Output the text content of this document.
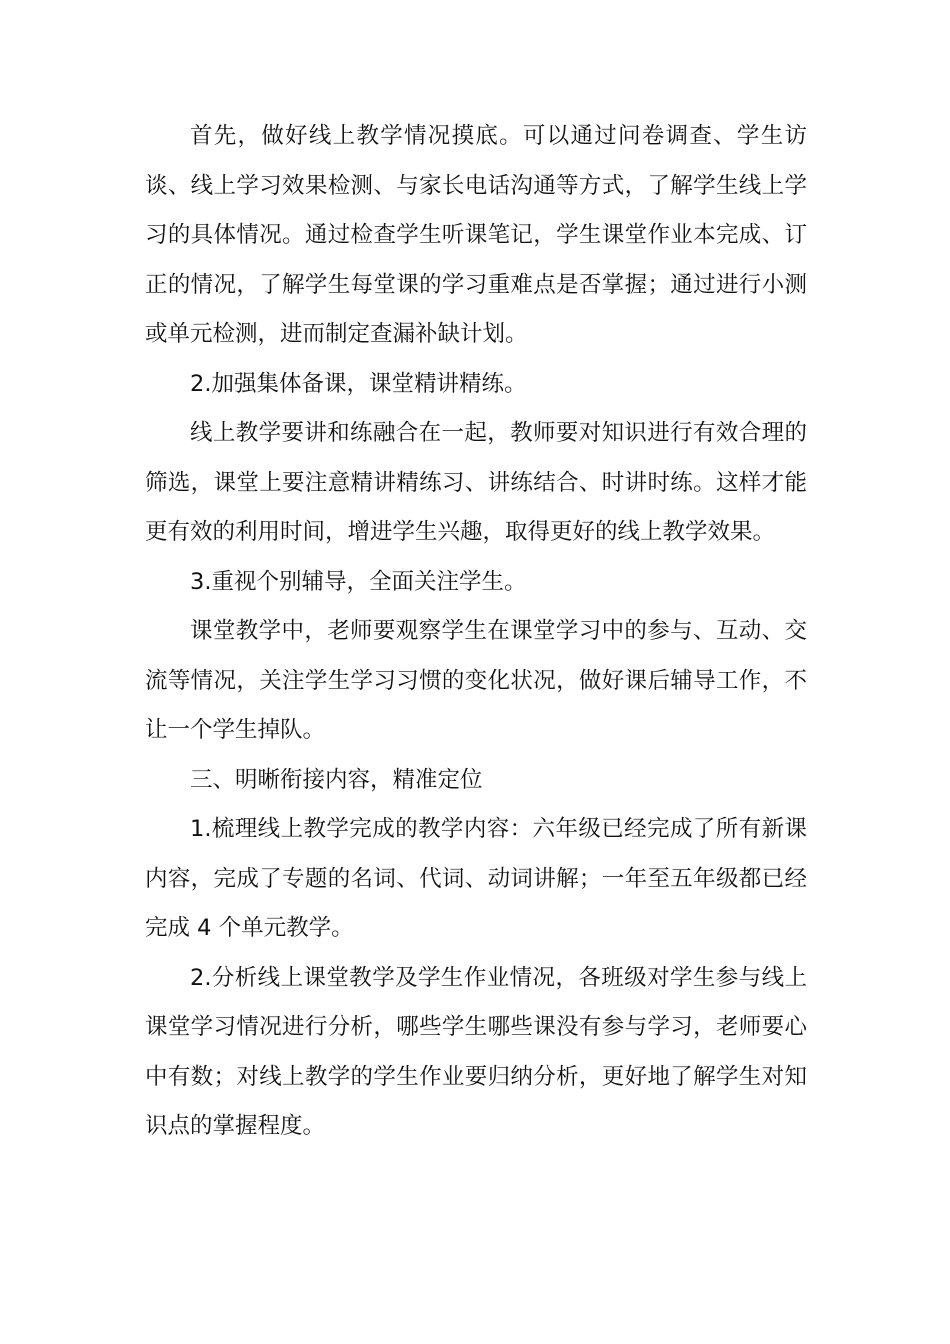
首先，做好线上教学情况摸底。可以通过问卷调查、学生访谈、线上学习效果检测、与家长电话沟通等方式，了解学生线上学习的具体情况。通过检查学生听课笔记，学生课堂作业本完成、订正的情况，了解学生每堂课的学习重难点是否掌握；通过进行小测或单元检测，进而制定查漏补缺计划。

2.加强集体备课，课堂精讲精练。

线上教学要讲和练融合在一起，教师要对知识进行有效合理的筛选，课堂上要注意精讲精练习、讲练结合、时讲时练。这样才能更有效的利用时间，增进学生兴趣，取得更好的线上教学效果。

3.重视个别辅导，全面关注学生。

课堂教学中，老师要观察学生在课堂学习中的参与、互动、交流等情况，关注学生学习习惯的变化状况，做好课后辅导工作，不让一个学生掉队。

三、明晰衔接内容，精准定位

1.梳理线上教学完成的教学内容：六年级已经完成了所有新课内容，完成了专题的名词、代词、动词讲解；一年至五年级都已经完成 4 个单元教学。

2.分析线上课堂教学及学生作业情况，各班级对学生参与线上课堂学习情况进行分析，哪些学生哪些课没有参与学习，老师要心中有数；对线上教学的学生作业要归纳分析，更好地了解学生对知识点的掌握程度。
